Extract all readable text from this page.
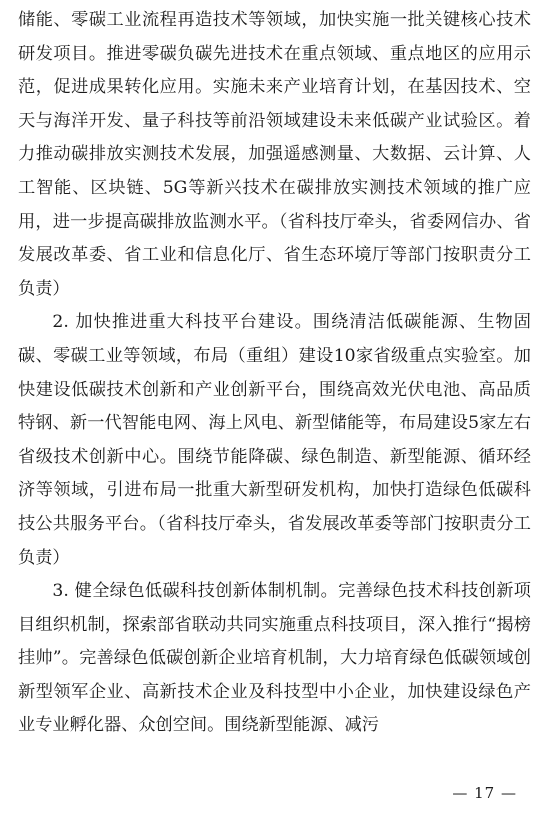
储能、零碳工业流程再造技术等领域，加快实施一批关键核心技术研发项目。推进零碳负碳先进技术在重点领域、重点地区的应用示范，促进成果转化应用。实施未来产业培育计划，在基因技术、空天与海洋开发、量子科技等前沿领域建设未来低碳产业试验区。着力推动碳排放实测技术发展，加强遥感测量、大数据、云计算、人工智能、区块链、5G等新兴技术在碳排放实测技术领域的推广应用，进一步提高碳排放监测水平。（省科技厅牵头，省委网信办、省发展改革委、省工业和信息化厅、省生态环境厅等部门按职责分工负责）

2. 加快推进重大科技平台建设。围绕清洁低碳能源、生物固碳、零碳工业等领域，布局（重组）建设10家省级重点实验室。加快建设低碳技术创新和产业创新平台，围绕高效光伏电池、高品质特钢、新一代智能电网、海上风电、新型储能等，布局建设5家左右省级技术创新中心。围绕节能降碳、绿色制造、新型能源、循环经济等领域，引进布局一批重大新型研发机构，加快打造绿色低碳科技公共服务平台。（省科技厅牵头，省发展改革委等部门按职责分工负责）

3. 健全绿色低碳科技创新体制机制。完善绿色技术科技创新项目组织机制，探索部省联动共同实施重点科技项目，深入推行“揭榜挂帅”。完善绿色低碳创新企业培育机制，大力培育绿色低碳领域创新型领军企业、高新技术企业及科技型中小企业，加快建设绿色产业专业孵化器、众创空间。围绕新型能源、减污

— 17 —
